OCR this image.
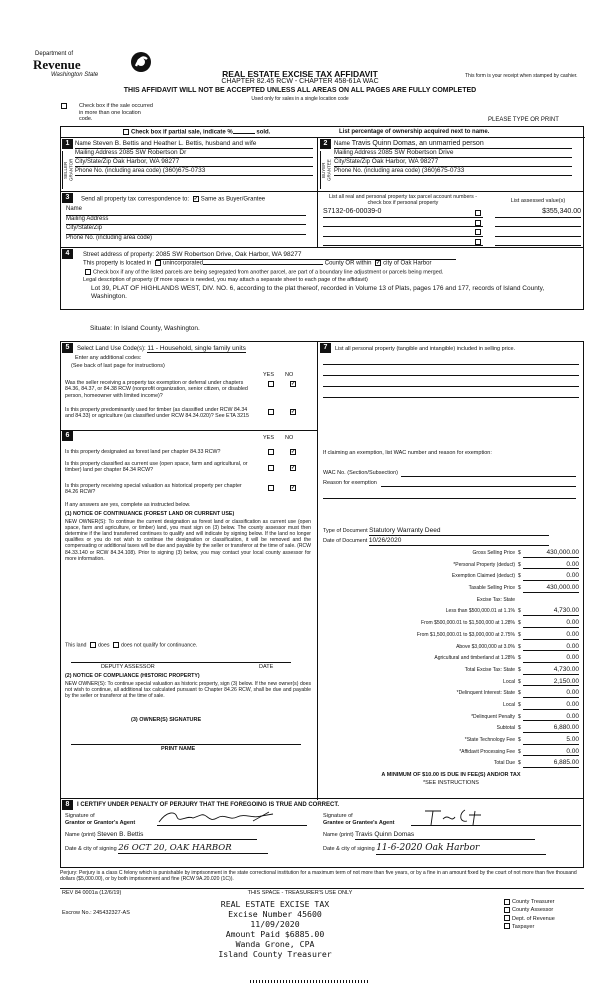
Department of
Revenue
Washington State	REAL ESTATE EXCISE TAX AFFIDAVIT
CHAPTER 82.45 RCW - CHAPTER 458-61A WAC
THIS AFFIDAVIT WILL NOT BE ACCEPTED UNLESS ALL AREAS ON ALL PAGES ARE FULLY COMPLETED
This form is your receipt when stamped by cashier.
Used only for sales in a single location code
Check box if the sale occurred in more than one location code.	PLEASE TYPE OR PRINT
Check box if partial sale, indicate %	sold.	List percentage of ownership acquired next to name.
1
SELLER GRANTOR
Name Steven B. Bettis and Heather L. Bettis, husband and wife
Mailing Address 2085 SW Robertson Dr
City/State/Zip Oak Harbor, WA 98277
Phone No. (including area code) (360)675-0733
2
BUYER GRANTEE
Name Travis Quinn Domas, an unmarried person
Mailing Address 2085 SW Robertson Drive
City/State/Zip Oak Harbor, WA 98277
Phone No. (including area code) (360)675-0733
3	Send all property tax correspondence to: ✓ Same as Buyer/Grantee
Name
Mailing Address
City/State/Zip
Phone No. (including area code)
List all real and personal property tax parcel account numbers - check box if personal property	List assessed value(s)
S7132-06-00039-0	$355,340.00
4	Street address of property: 2085 SW Robertson Drive, Oak Harbor, WA 98277
This property is located in unincorporated	County OR within ✓ city of Oak Harbor
Check box if any of the listed parcels are being segregated from another parcel, are part of a boundary line adjustment or parcels being merged.
Legal description of property (if more space is needed, you may attach a separate sheet to each page of the affidavit)
Lot 39, PLAT OF HIGHLANDS WEST, DIV. NO. 6, according to the plat thereof, recorded in Volume 13 of Plats, pages 176 and 177, records of Island County, Washington.
Situate: In Island County, Washington.
5	Select Land Use Code(s): 11 - Household, single family units
Enter any additional codes:
(See back of last page for instructions)
YES NO
Was the seller receiving a property tax exemption or deferral under chapters 84.36, 84.37, or 84.38 RCW (nonprofit organization, senior citizen, or disabled person, homeowner with limited income)?
✓
Is this property predominantly used for timber (as classified under RCW 84.34 and 84.33) or agriculture (as classified under RCW 84.34.020)? See ETA 3215
✓
6	YES NO
Is this property designated as forest land per chapter 84.33 RCW?	✓
Is this property classified as current use (open space, farm and agricultural, or timber) land per chapter 84.34 RCW?	✓
Is this property receiving special valuation as historical property per chapter 84.26 RCW?
✓
If any answers are yes, complete as instructed below.
(1) NOTICE OF CONTINUANCE (FOREST LAND OR CURRENT USE)
NEW OWNER(S): To continue the current designation as forest land or classification as current use (open space, farm and agriculture, or timber) land, you must sign on (3) below. The county assessor must then determine if the land transferred continues to qualify and will indicate by signing below. If the land no longer qualifies or you do not wish to continue the designation or classification, it will be removed and the compensating or additional taxes will be due and payable by the seller or transferor at the time of sale. (RCW 84.33.140 or RCW 84.34.108). Prior to signing (3) below, you may contact your local county assessor for more information.
This land does does not qualify for continuance.
DEPUTY ASSESSOR	DATE
(2) NOTICE OF COMPLIANCE (HISTORIC PROPERTY)
NEW OWNER(S): To continue special valuation as historic property, sign (3) below. If the new owner(s) does not wish to continue, all additional tax calculated pursuant to Chapter 84.26 RCW, shall be due and payable by the seller or transferor at the time of sale.
(3) OWNER(S) SIGNATURE
PRINT NAME
7	List all personal property (tangible and intangible) included in selling price.
If claiming an exemption, list WAC number and reason for exemption:
WAC No. (Section/Subsection)
Reason for exemption
Type of Document Statutory Warranty Deed
Date of Document 10/26/2020
Gross Selling Price $	430,000.00
*Personal Property (deduct) $	0.00
Exemption Claimed (deduct) $	0.00
Taxable Selling Price $	430,000.00
Excise Tax: State
Less than $500,000.01 at 1.1% $	4,730.00
From $500,000.01 to $1,500,000 at 1.28% $	0.00
From $1,500,000.01 to $3,000,000 at 2.75% $	0.00
Above $3,000,000 at 3.0% $	0.00
Agricultural and timberland at 1.28% $	0.00
Total Excise Tax: State $	4,730.00
Local $	2,150.00
*Delinquent Interest: State $	0.00
Local $	0.00
*Delinquent Penalty $	0.00
Subtotal $	6,880.00
*State Technology Fee $	5.00
*Affidavit Processing Fee $	0.00
Total Due $	6,885.00
A MINIMUM OF $10.00 IS DUE IN FEE(S) AND/OR TAX
*SEE INSTRUCTIONS
8	I CERTIFY UNDER PENALTY OF PERJURY THAT THE FOREGOING IS TRUE AND CORRECT.
Signature of
Grantor or Grantor's Agent
Signature of
Grantee or Grantee's Agent
Name (print) Steven B. Bettis	Name (print) Travis Quinn Domas
Date & city of signing 26 OCT 20, OAK HARBOR	Date & city of signing 11-6-2020 Oak Harbor
Perjury: Perjury is a class C felony which is punishable by imprisonment in the state correctional institution for a maximum term of not more than five years, or by a fine in an amount fixed by the court of not more than five thousand dollars ($5,000.00), or by both imprisonment and fine (RCW 9A.20.020 (1C)).
REV 84 0001a (12/6/19)	THIS SPACE - TREASURER'S USE ONLY
Escrow No.: 245432327-AS
REAL ESTATE EXCISE TAX
Excise Number 45600
11/09/2020
Amount Paid $6885.00
Wanda Grone, CPA
Island County Treasurer
County Treasurer
County Assessor
Dept. of Revenue
Taxpayer
